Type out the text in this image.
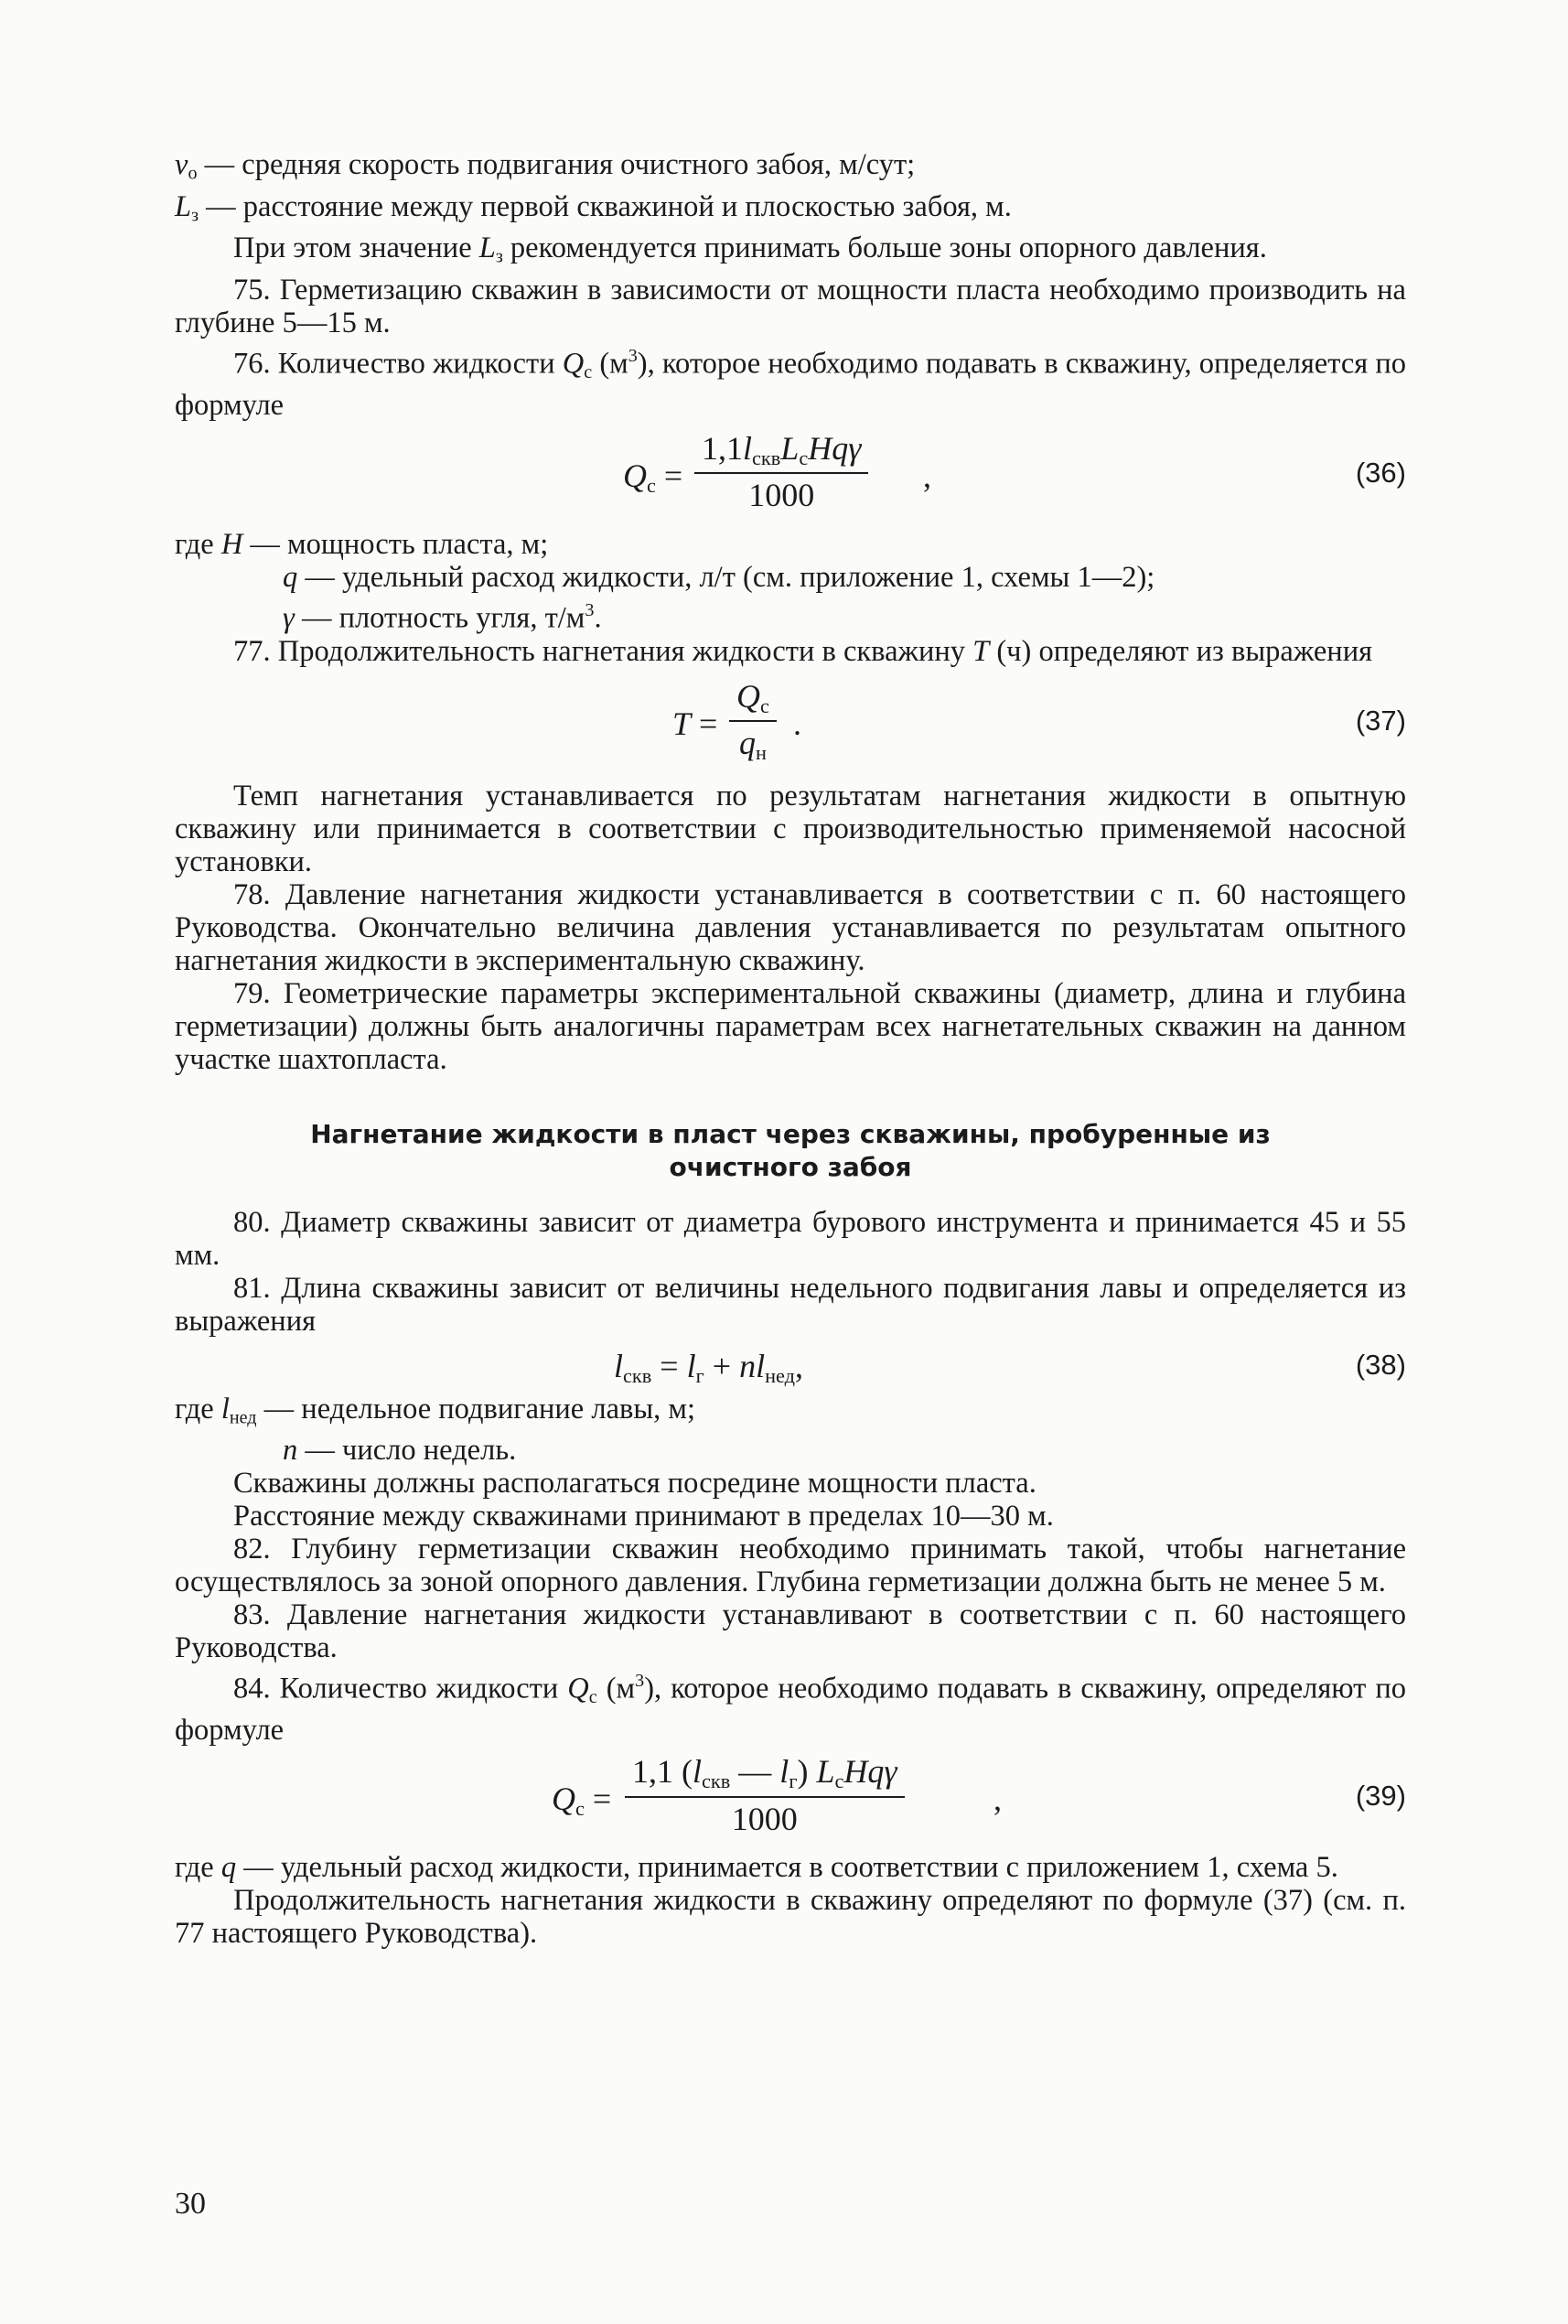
$v_о$ — средняя скорость подвигания очистного забоя, м/сут;

$L_з$ — расстояние между первой скважиной и плоскостью забоя, м.

При этом значение $L_з$ рекомендуется принимать больше зоны опорного давления.

75. Герметизацию скважин в зависимости от мощности пласта необходимо производить на глубине 5—15 м.

76. Количество жидкости $Q_с$ $(м^3)$, которое необходимо подавать в скважину, определяется по формуле

$Q_с$ =
$1,1l_{скв}L_сHq\gamma$
1000
,	(36)

где H — мощность пласта, м;

q — удельный расход жидкости, л/т (см. приложение 1, схемы 1—2);

γ — плотность угля, $т/м^3$.

77. Продолжительность нагнетания жидкости в скважину T (ч) определяют из выражения

T =
$Q_с$
$q_н$
.	(37)

Темп нагнетания устанавливается по результатам нагнетания жидкости в опытную скважину или принимается в соответствии с производительностью применяемой насосной установки.

78. Давление нагнетания жидкости устанавливается в соответствии с п. 60 настоящего Руководства. Окончательно величина давления устанавливается по результатам опытного нагнетания жидкости в экспериментальную скважину.

79. Геометрические параметры экспериментальной скважины (диаметр, длина и глубина герметизации) должны быть аналогичны параметрам всех нагнетательных скважин на данном участке шахтопласта.

Нагнетание жидкости в пласт через скважины, пробуренные из
очистного забоя

80. Диаметр скважины зависит от диаметра бурового инструмента и принимается 45 и 55 мм.

81. Длина скважины зависит от величины недельного подвигания лавы и определяется из выражения

$l_{скв} = l_г + nl_{нед}$,	(38)

где $l_{нед}$ — недельное подвигание лавы, м;

n — число недель.

Скважины должны располагаться посредине мощности пласта.

Расстояние между скважинами принимают в пределах 10—30 м.

82. Глубину герметизации скважин необходимо принимать такой, чтобы нагнетание осуществлялось за зоной опорного давления. Глубина герметизации должна быть не менее 5 м.

83. Давление нагнетания жидкости устанавливают в соответствии с п. 60 настоящего Руководства.

84. Количество жидкости $Q_с$ $(м^3)$, которое необходимо подавать в скважину, определяют по формуле

$Q_с$ =
1,1 ($l_{скв}$ — $l_г$) $L_сHq\gamma$
1000
,	(39)

где q — удельный расход жидкости, принимается в соответствии с приложением 1, схема 5.

Продолжительность нагнетания жидкости в скважину определяют по формуле (37) (см. п. 77 настоящего Руководства).

30
